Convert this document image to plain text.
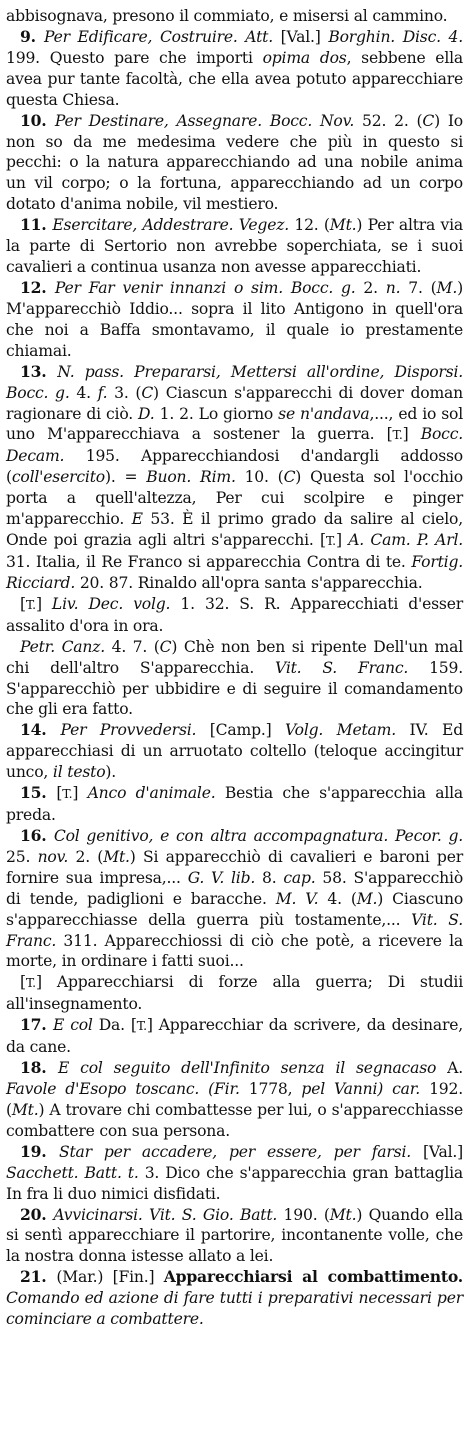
abbisognava, presono il commiato, e misersi al cammino.

9. Per Edificare, Costruire. Att. [Val.] Borghin. Disc. 4. 199. Questo pare che importi opima dos, sebbene ella avea pur tante facoltà, che ella avea potuto apparecchiare questa Chiesa.

10. Per Destinare, Assegnare. Bocc. Nov. 52. 2. (C) Io non so da me medesima vedere che più in questo si pecchi: o la natura apparecchiando ad una nobile anima un vil corpo; o la fortuna, apparecchiando ad un corpo dotato d'anima nobile, vil mestiero.

11. Esercitare, Addestrare. Vegez. 12. (Mt.) Per altra via la parte di Sertorio non avrebbe soperchiata, se i suoi cavalieri a continua usanza non avesse apparecchiati.

12. Per Far venir innanzi o sim. Bocc. g. 2. n. 7. (M.) M'apparecchiò Iddio... sopra il lito Antigono in quell'ora che noi a Baffa smontavamo, il quale io prestamente chiamai.

13. N. pass. Prepararsi, Mettersi all'ordine, Disporsi. Bocc. g. 4. f. 3. (C) Ciascun s'apparecchi di dover doman ragionare di ciò. D. 1. 2. Lo giorno se n'andava,..., ed io sol uno M'apparecchiava a sostener la guerra. [T.] Bocc. Decam. 195. Apparecchiandosi d'andargli addosso (coll'esercito). = Buon. Rim. 10. (C) Questa sol l'occhio porta a quell'altezza, Per cui scolpire e pinger m'apparecchio. E 53. È il primo grado da salire al cielo, Onde poi grazia agli altri s'apparecchi. [T.] A. Cam. P. Arl. 31. Italia, il Re Franco si apparecchia Contra di te. Fortig. Ricciard. 20. 87. Rinaldo all'opra santa s'apparecchia.

[T.] Liv. Dec. volg. 1. 32. S. R. Apparecchiati d'esser assalito d'ora in ora.

Petr. Canz. 4. 7. (C) Chè non ben si ripente Dell'un mal chi dell'altro S'apparecchia. Vit. S. Franc. 159. S'apparecchiò per ubbidire e di seguire il comandamento che gli era fatto.

14. Per Provvedersi. [Camp.] Volg. Metam. IV. Ed apparecchiasi di un arruotato coltello (teloque accingitur unco, il testo).

15. [T.] Anco d'animale. Bestia che s'apparecchia alla preda.

16. Col genitivo, e con altra accompagnatura. Pecor. g. 25. nov. 2. (Mt.) Si apparecchiò di cavalieri e baroni per fornire sua impresa,... G. V. lib. 8. cap. 58. S'apparecchiò di tende, padiglioni e baracche. M. V. 4. (M.) Ciascuno s'apparecchiasse della guerra più tostamente,... Vit. S. Franc. 311. Apparecchiossi di ciò che potè, a ricevere la morte, in ordinare i fatti suoi...

[T.] Apparecchiarsi di forze alla guerra; Di studii all'insegnamento.

17. E col Da. [T.] Apparecchiar da scrivere, da desinare, da cane.

18. E col seguito dell'Infinito senza il segnacaso A. Favole d'Esopo toscanc. (Fir. 1778, pel Vanni) car. 192. (Mt.) A trovare chi combattesse per lui, o s'apparecchiasse combattere con sua persona.

19. Star per accadere, per essere, per farsi. [Val.] Sacchett. Batt. t. 3. Dico che s'apparecchia gran battaglia In fra li duo nimici disfidati.

20. Avvicinarsi. Vit. S. Gio. Batt. 190. (Mt.) Quando ella si sentì apparecchiare il partorire, incontanente volle, che la nostra donna istesse allato a lei.

21. (Mar.) [Fin.] Apparecchiarsi al combattimento. Comando ed azione di fare tutti i preparativi necessari per cominciare a combattere.
